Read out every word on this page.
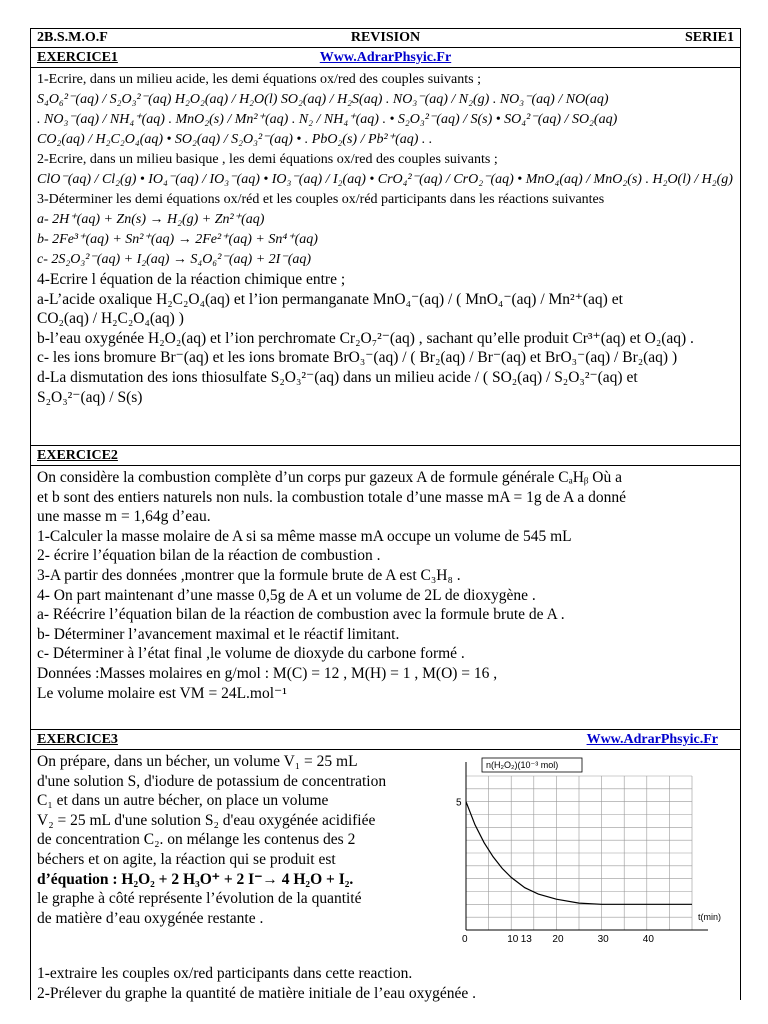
2B.S.M.O.F	REVISION	SERIE1
EXERCICE1	Www.AdrarPhsyic.Fr
1-Ecrire, dans un milieu acide, les demi équations ox/red des couples suivants ;
S₄O₆²⁻(aq) / S₂O₃²⁻(aq) H₂O₂(aq) / H₂O(l) SO₂(aq) / H₂S(aq) . NO₃⁻(aq) / N₂(g) . NO₃⁻(aq) / NO(aq)
. NO₃⁻(aq) / NH₄⁺(aq) . MnO₂(s) / Mn²⁺(aq) . N₂ / NH₄⁺(aq) . • S₂O₃²⁻(aq) / S(s) • SO₄²⁻(aq) / SO₂(aq)
CO₂(aq) / H₂C₂O₄(aq) • SO₂(aq) / S₂O₃²⁻(aq) • . PbO₂(s) / Pb²⁺(aq) . .
2-Ecrire, dans un milieu basique , les demi équations ox/red des couples suivants ;
ClO⁻(aq) / Cl₂(g) • IO₄⁻(aq) / IO₃⁻(aq) • IO₃⁻(aq) / I₂(aq) • CrO₄²⁻(aq) / CrO₂⁻(aq) • MnO₄(aq) / MnO₂(s) . H₂O(l) / H₂(g)
3-Déterminer les demi équations ox/réd et les couples ox/réd participants dans les réactions suivantes
a- 2H⁺(aq) + Zn(s) → H₂(g) + Zn²⁺(aq)
b- 2Fe³⁺(aq) + Sn²⁺(aq) → 2Fe²⁺(aq) + Sn⁴⁺(aq)
c- 2S₂O₃²⁻(aq) + I₂(aq) → S₄O₆²⁻(aq) + 2I⁻(aq)
4-Ecrire l équation de la réaction chimique entre ;
a-L’acide oxalique H₂C₂O₄(aq) et l’ion permanganate MnO₄⁻(aq) / ( MnO₄⁻(aq) / Mn²⁺(aq) et
CO₂(aq) / H₂C₂O₄(aq) )
b-l’eau oxygénée H₂O₂(aq) et l’ion perchromate Cr₂O₇²⁻(aq) , sachant qu’elle produit Cr³⁺(aq) et O₂(aq) .
c- les ions bromure Br⁻(aq) et les ions bromate BrO₃⁻(aq) / ( Br₂(aq) / Br⁻(aq) et BrO₃⁻(aq) / Br₂(aq) )
d-La dismutation des ions thiosulfate S₂O₃²⁻(aq) dans un milieu acide / ( SO₂(aq) / S₂O₃²⁻(aq) et
S₂O₃²⁻(aq) / S(s)
EXERCICE2
On considère la combustion complète d’un corps pur gazeux A de formule générale CₐHᵦ Où a
et b sont des entiers naturels non nuls. la combustion totale d’une masse mA = 1g de A a donné
une masse m = 1,64g d’eau.
1-Calculer la masse molaire de A si sa même masse mA occupe un volume de 545 mL
2- écrire l’équation bilan de la réaction de combustion .
3-A partir des données ,montrer que la formule brute de A est C₃H₈ .
4- On part maintenant d’une masse 0,5g de A et un volume de 2L de dioxygène .
a- Réécrire l’équation bilan de la réaction de combustion avec la formule brute de A .
b- Déterminer l’avancement maximal et le réactif limitant.
c- Déterminer à l’état final ,le volume de dioxyde du carbone formé .
Données :Masses molaires en g/mol : M(C) = 12 , M(H) = 1 , M(O) = 16 ,
Le volume molaire est VM = 24L.mol⁻¹
EXERCICE3	Www.AdrarPhsyic.Fr
On prépare, dans un bécher, un volume V₁ = 25 mL
d'une solution S, d'iodure de potassium de concentration
C₁ et dans un autre bécher, on place un volume
V₂ = 25 mL d'une solution S₂ d'eau oxygénée acidifiée
de concentration C₂. on mélange les contenus des 2
béchers et on agite, la réaction qui se produit est
d’équation : H₂O₂ + 2 H₃O⁺ + 2 I⁻→ 4 H₂O + I₂.
le graphe à côté représente l’évolution de la quantité
de matière d’eau oxygénée restante .
n(H₂O₂)(10⁻³ mol)
t(min)
0	10 13 20	30	40
5
1-extraire les couples ox/red participants dans cette reaction.
2-Prélever du graphe la quantité de matière initiale de l’eau oxygénée .
